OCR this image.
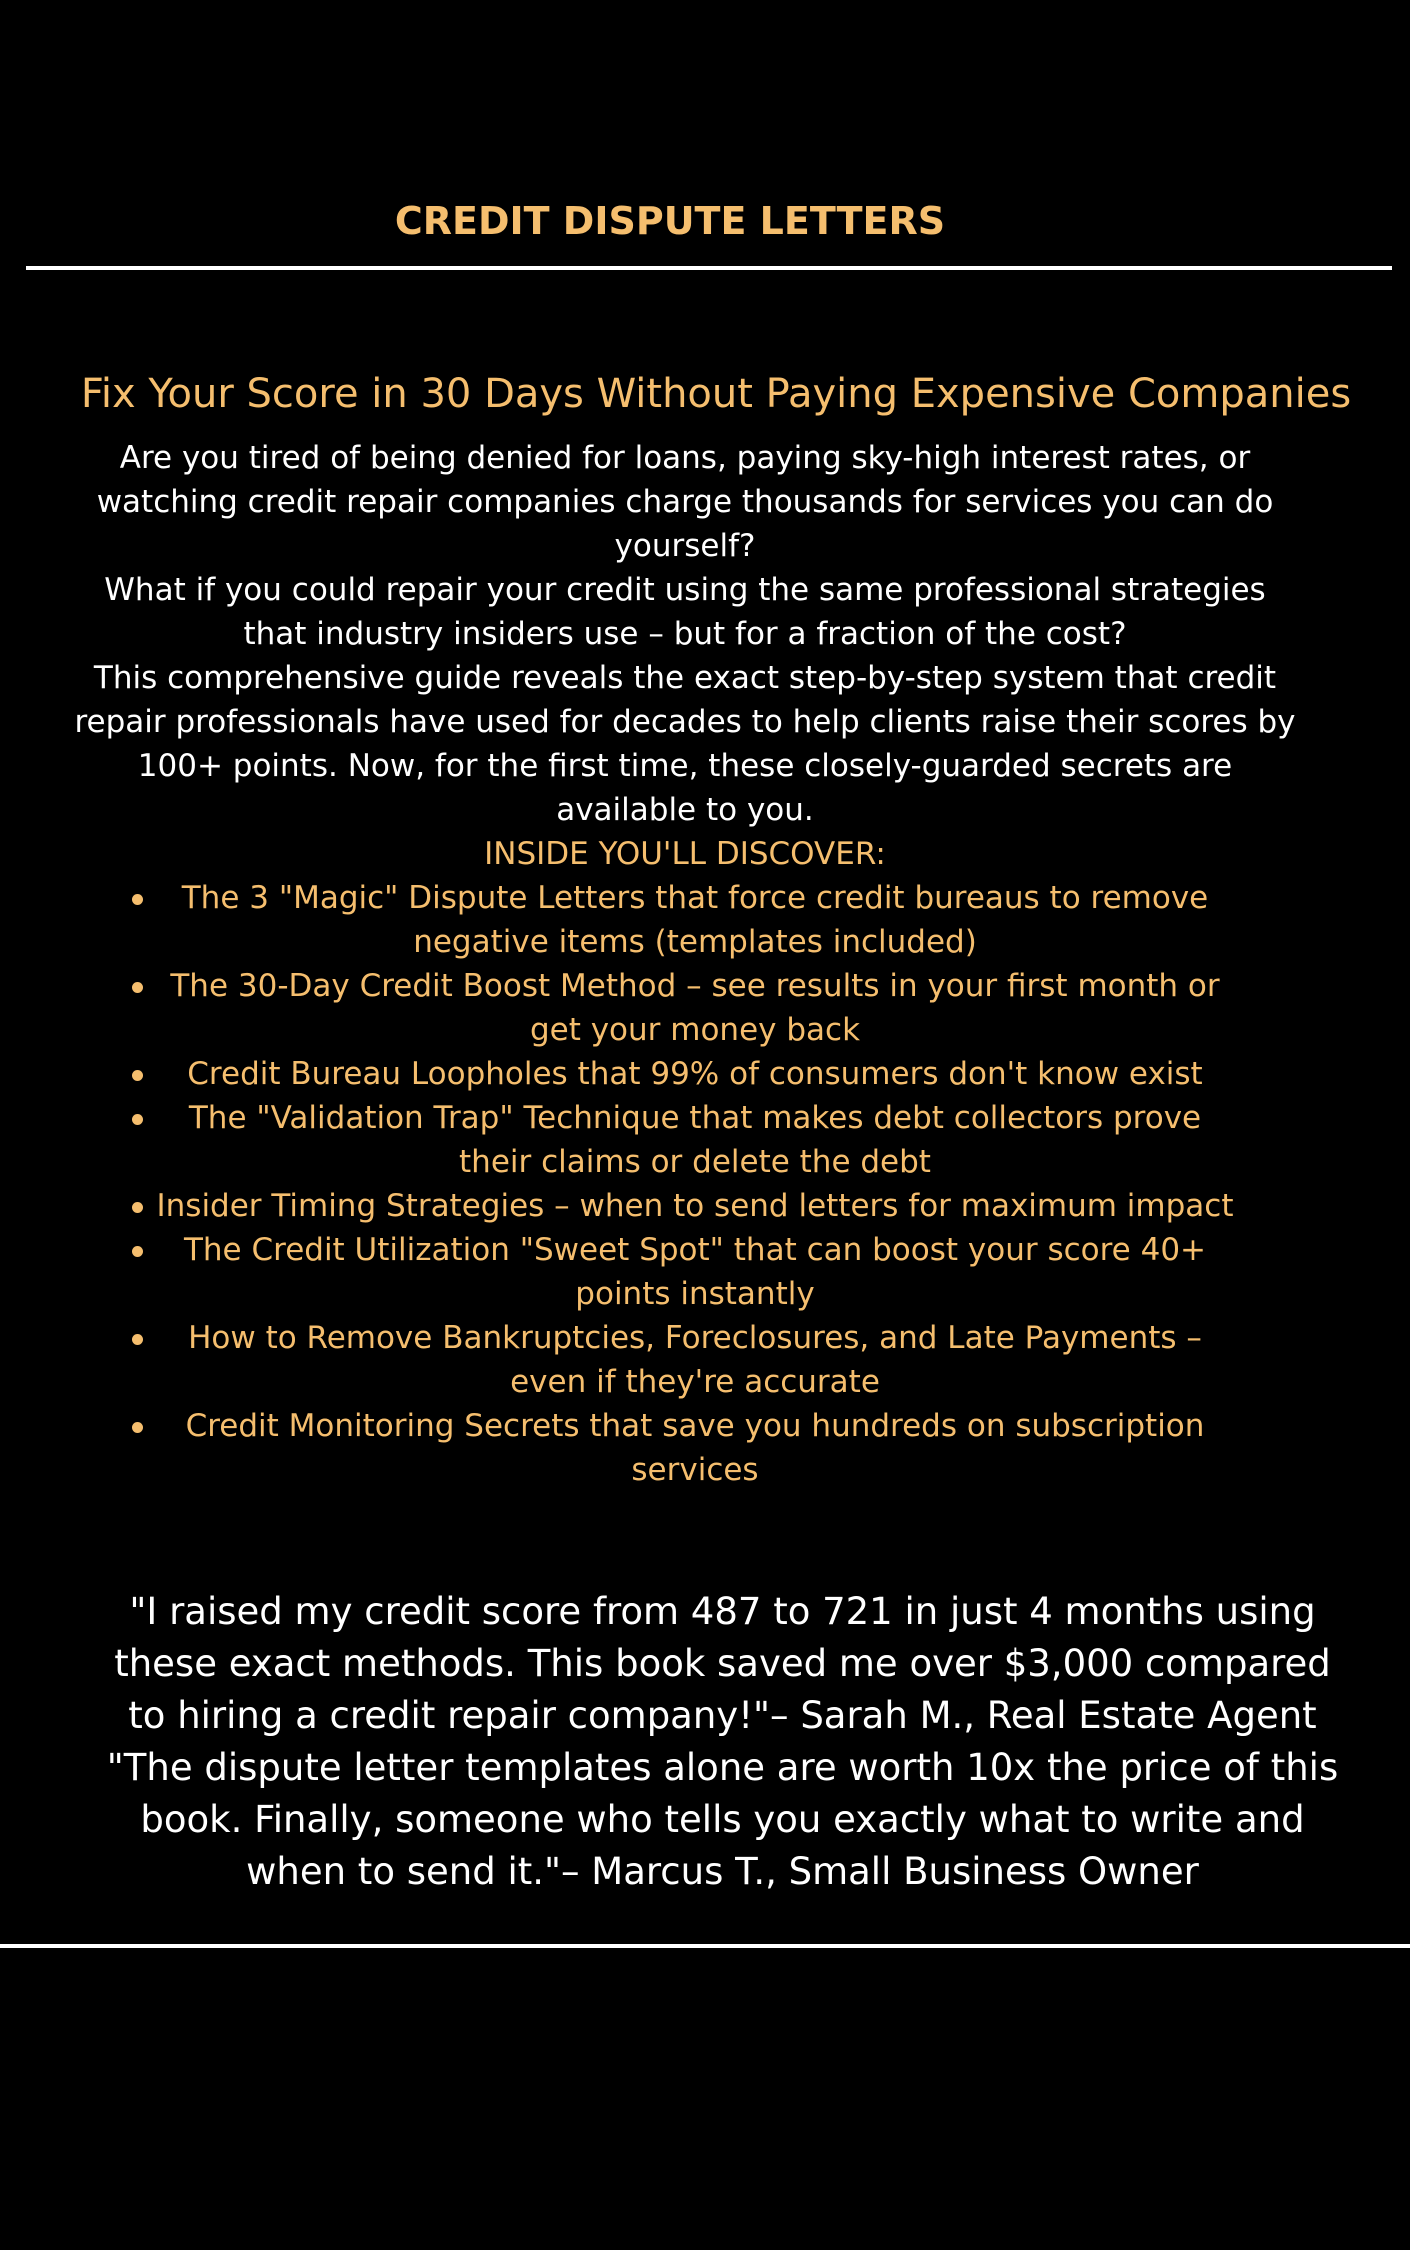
CREDIT DISPUTE LETTERS
Fix Your Score in 30 Days Without Paying Expensive Companies

Are you tired of being denied for loans, paying sky-high interest rates, or watching credit repair companies charge thousands for services you can do yourself?

What if you could repair your credit using the same professional strategies that industry insiders use – but for a fraction of the cost?

This comprehensive guide reveals the exact step-by-step system that credit repair professionals have used for decades to help clients raise their scores by 100+ points. Now, for the first time, these closely-guarded secrets are available to you.

INSIDE YOU'LL DISCOVER:

The 3 "Magic" Dispute Letters that force credit bureaus to remove negative items (templates included)
The 30-Day Credit Boost Method – see results in your first month or get your money back
Credit Bureau Loopholes that 99% of consumers don't know exist
The "Validation Trap" Technique that makes debt collectors prove their claims or delete the debt
Insider Timing Strategies – when to send letters for maximum impact
The Credit Utilization "Sweet Spot" that can boost your score 40+ points instantly
How to Remove Bankruptcies, Foreclosures, and Late Payments – even if they're accurate
Credit Monitoring Secrets that save you hundreds on subscription services

"I raised my credit score from 487 to 721 in just 4 months using these exact methods. This book saved me over $3,000 compared to hiring a credit repair company!"– Sarah M., Real Estate Agent

"The dispute letter templates alone are worth 10x the price of this book. Finally, someone who tells you exactly what to write and when to send it."– Marcus T., Small Business Owner
